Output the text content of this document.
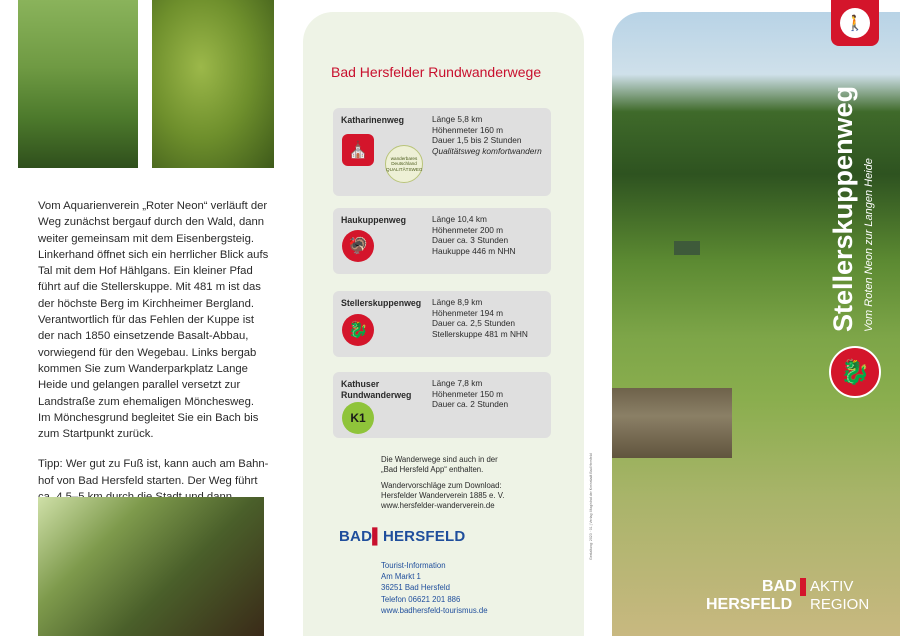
Vom Aquarienverein „Roter Neon“ verläuft der
Weg zunächst bergauf durch den Wald, dann
weiter gemeinsam mit dem Eisenbergsteig.
Linkerhand öffnet sich ein herrlicher Blick aufs
Tal mit dem Hof Hählgans. Ein kleiner Pfad
führt auf die Stellerskuppe. Mit 481 m ist das
der höchste Berg im Kirchheimer Bergland.
Verantwortlich für das Fehlen der Kuppe ist
der nach 1850 einsetzende Basalt-Abbau,
vorwiegend für den Wegebau. Links bergab
kommen Sie zum Wanderparkplatz Lange
Heide und gelangen parallel versetzt zur
Landstraße zum ehemaligen Mönchesweg.
Im Mönchesgrund begleitet Sie ein Bach bis
zum Startpunkt zurück.

Tipp: Wer gut zu Fuß ist, kann auch am Bahn-
hof von Bad Hersfeld starten. Der Weg führt

Bad Hersfelder Rundwanderwege
Katharinenweg	Länge 5,8 km
Höhenmeter 160 m
Dauer 1,5 bis 2 Stunden
Qualitätsweg komfortwandern
⛪	wanderbares Deutschland QUALITÄTSWEG
Haukuppenweg	Länge 10,4 km
Höhenmeter 200 m
Dauer ca. 3 Stunden
Haukuppe 446 m NHN
🦃
Stellerskuppenweg	Länge 8,9 km
Höhenmeter 194 m
Dauer ca. 2,5 Stunden
Stellerskuppe 481 m NHN
🐉
Kathuser Rundwanderweg
Länge 7,8 km
Höhenmeter 150 m
Dauer ca. 2 Stunden
K1
Die Wanderwege sind auch in der
„Bad Hersfeld App“ enthalten.
Wandervorschläge zum Download:
Hersfelder Wanderverein 1885 e. V.
www.hersfelder-wanderverein.de
BAD▌HERSFELD
Tourist-Information
Am Markt 1
36251 Bad Hersfeld
Telefon 06621 201 886
www.badhersfeld-tourismus.de
Gestaltung: 2023 · 01 | Verlag: Magistrat der Kreisstadt Bad Hersfeld
🚶
Stellerskuppenweg Vom Roten Neon zur Langen Heide
🐉
BAD
HERSFELD
AKTIV
REGION
